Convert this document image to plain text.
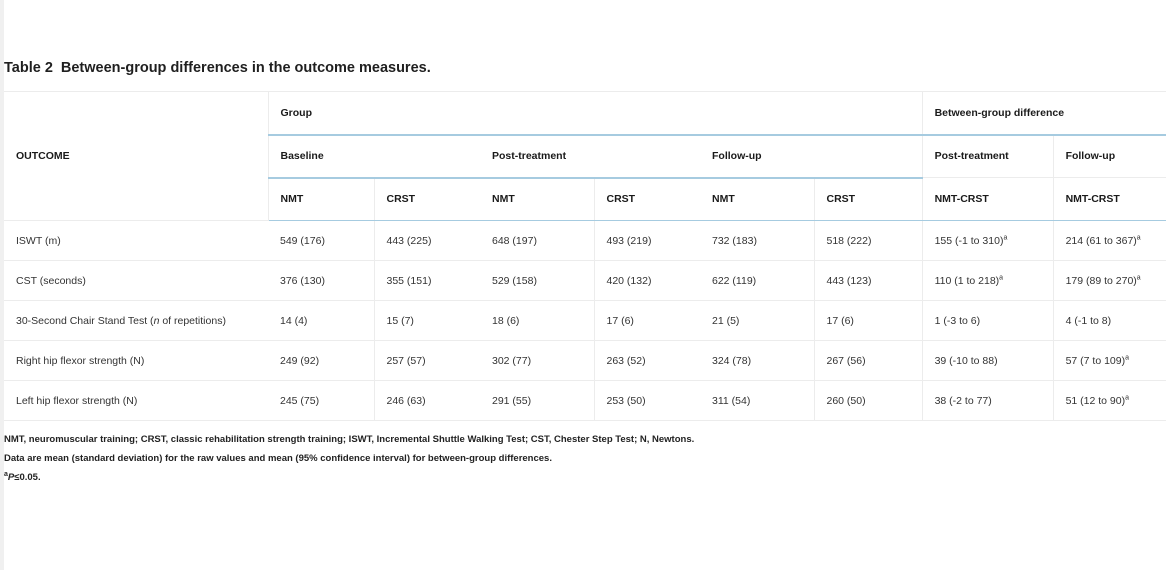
Table 2 Between-group differences in the outcome measures.
OUTCOME	Group						Between-group difference	
	Baseline		Post-treatment		Follow-up		Post-treatment	Follow-up
	NMT	CRST	NMT	CRST	NMT	CRST	NMT-CRST	NMT-CRST
ISWT (m)	549 (176)	443 (225)	648 (197)	493 (219)	732 (183)	518 (222)	155 (-1 to 310)$^a$	214 (61 to 367)$^a$
CST (seconds)	376 (130)	355 (151)	529 (158)	420 (132)	622 (119)	443 (123)	110 (1 to 218)$^a$	179 (89 to 270)$^a$
30-Second Chair Stand Test (n of repetitions)	14 (4)	15 (7)	18 (6)	17 (6)	21 (5)	17 (6)	1 (-3 to 6)	4 (-1 to 8)
Right hip flexor strength (N)	249 (92)	257 (57)	302 (77)	263 (52)	324 (78)	267 (56)	39 (-10 to 88)	57 (7 to 109)$^a$
Left hip flexor strength (N)	245 (75)	246 (63)	291 (55)	253 (50)	311 (54)	260 (50)	38 (-2 to 77)	51 (12 to 90)$^a$
NMT, neuromuscular training; CRST, classic rehabilitation strength training; ISWT, Incremental Shuttle Walking Test; CST, Chester Step Test; N, Newtons.
Data are mean (standard deviation) for the raw values and mean (95% confidence interval) for between-group differences.
$^a$P≤0.05.
